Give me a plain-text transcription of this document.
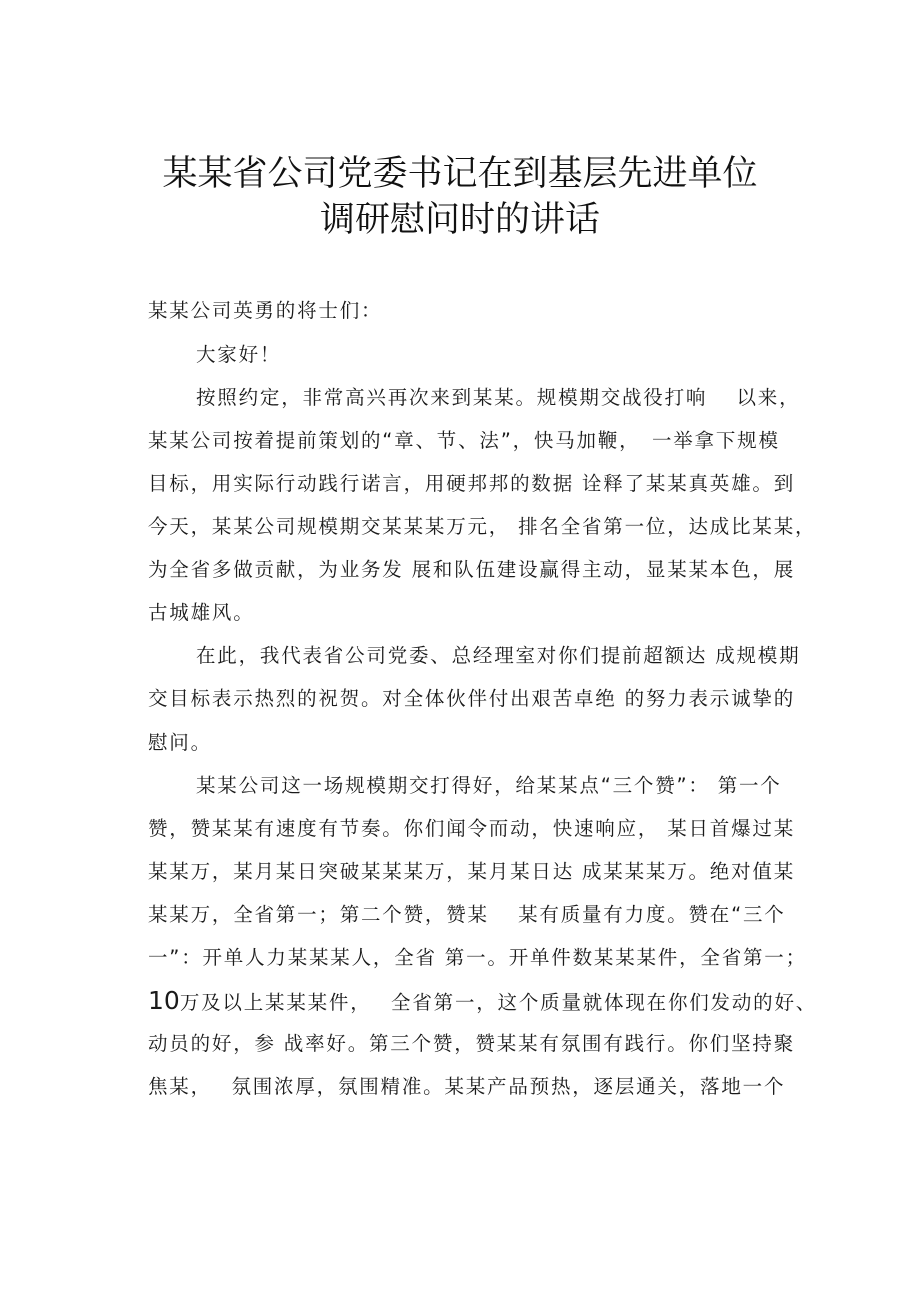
某某省公司党委书记在到基层先进单位
调研慰问时的讲话
某某公司英勇的将士们：
大家好！
按照约定，非常高兴再次来到某某。规模期交战役打响　 以来，
某某公司按着提前策划的“章、节、法”，快马加鞭，　一举拿下规模
目标，用实际行动践行诺言，用硬邦邦的数据 诠释了某某真英雄。到
今天，某某公司规模期交某某某万元， 排名全省第一位，达成比某某，
为全省多做贡献，为业务发 展和队伍建设赢得主动，显某某本色，展
古城雄风。
在此，我代表省公司党委、总经理室对你们提前超额达 成规模期
交目标表示热烈的祝贺。对全体伙伴付出艰苦卓绝 的努力表示诚挚的
慰问。
某某公司这一场规模期交打得好，给某某点“三个赞”： 第一个
赞，赞某某有速度有节奏。你们闻令而动，快速响应， 某日首爆过某
某某万，某月某日突破某某某万，某月某日达 成某某某万。绝对值某
某某万，全省第一；第二个赞，赞某　 某有质量有力度。赞在“三个
一”：开单人力某某某人，全省 第一。开单件数某某某件，全省第一；
10万及以上某某某件，　 全省第一，这个质量就体现在你们发动的好、
动员的好，参 战率好。第三个赞，赞某某有氛围有践行。你们坚持聚
焦某，　 氛围浓厚，氛围精准。某某产品预热，逐层通关，落地一个
